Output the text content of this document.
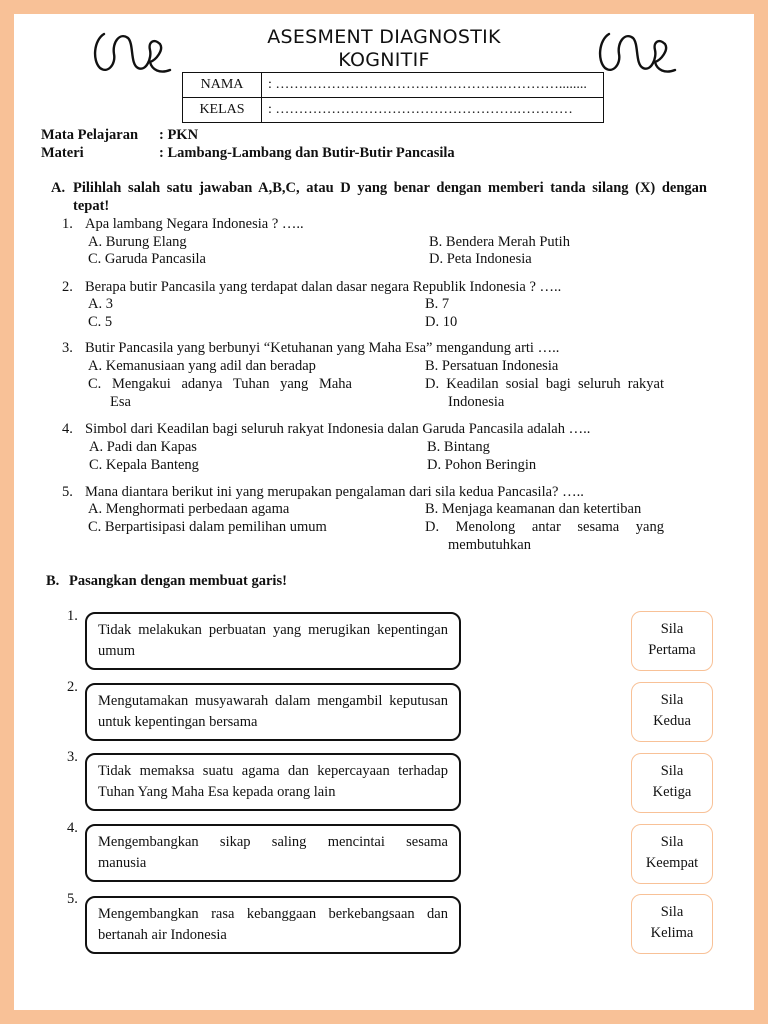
ASESMENT DIAGNOSTIK
KOGNITIF
NAMA	: ………………………………………….…………........
KELAS	: …………………………………………….…………
Mata Pelajaran : PKN
Materi	: Lambang-Lambang dan Butir-Butir Pancasila
A. Pilihlah salah satu jawaban A,B,C, atau D yang benar dengan memberi tanda silang (X) dengan
tepat!
1. Apa lambang Negara Indonesia ? …..
A. Burung Elang	B. Bendera Merah Putih
C. Garuda Pancasila	D. Peta Indonesia
2. Berapa butir Pancasila yang terdapat dalan dasar negara Republik Indonesia ? …..
A. 3	B. 7
C. 5	D. 10
3. Butir Pancasila yang berbunyi “Ketuhanan yang Maha Esa” mengandung arti …..
A. Kemanusiaan yang adil dan beradap	B. Persatuan Indonesia
C. Mengakui adanya Tuhan yang Maha
Esa
D. Keadilan sosial bagi seluruh rakyat
Indonesia
4. Simbol dari Keadilan bagi seluruh rakyat Indonesia dalan Garuda Pancasila adalah …..
A. Padi dan Kapas	B. Bintang
C. Kepala Banteng	D. Pohon Beringin
5. Mana diantara berikut ini yang merupakan pengalaman dari sila kedua Pancasila? …..
A. Menghormati perbedaan agama	B. Menjaga keamanan dan ketertiban
C. Berpartisipasi dalam pemilihan umum	D. Menolong antar sesama yang
membutuhkan
B. Pasangkan dengan membuat garis!
1.
Tidak melakukan perbuatan yang merugikan kepentingan
umum
Sila
Pertama
2.
Mengutamakan musyawarah dalam mengambil keputusan
untuk kepentingan bersama
Sila
Kedua
3.
Tidak memaksa suatu agama dan kepercayaan terhadap
Tuhan Yang Maha Esa kepada orang lain
Sila
Ketiga
4.
Mengembangkan sikap saling mencintai sesama
manusia
Sila
Keempat
5.
Mengembangkan rasa kebanggaan berkebangsaan dan
bertanah air Indonesia
Sila
Kelima
